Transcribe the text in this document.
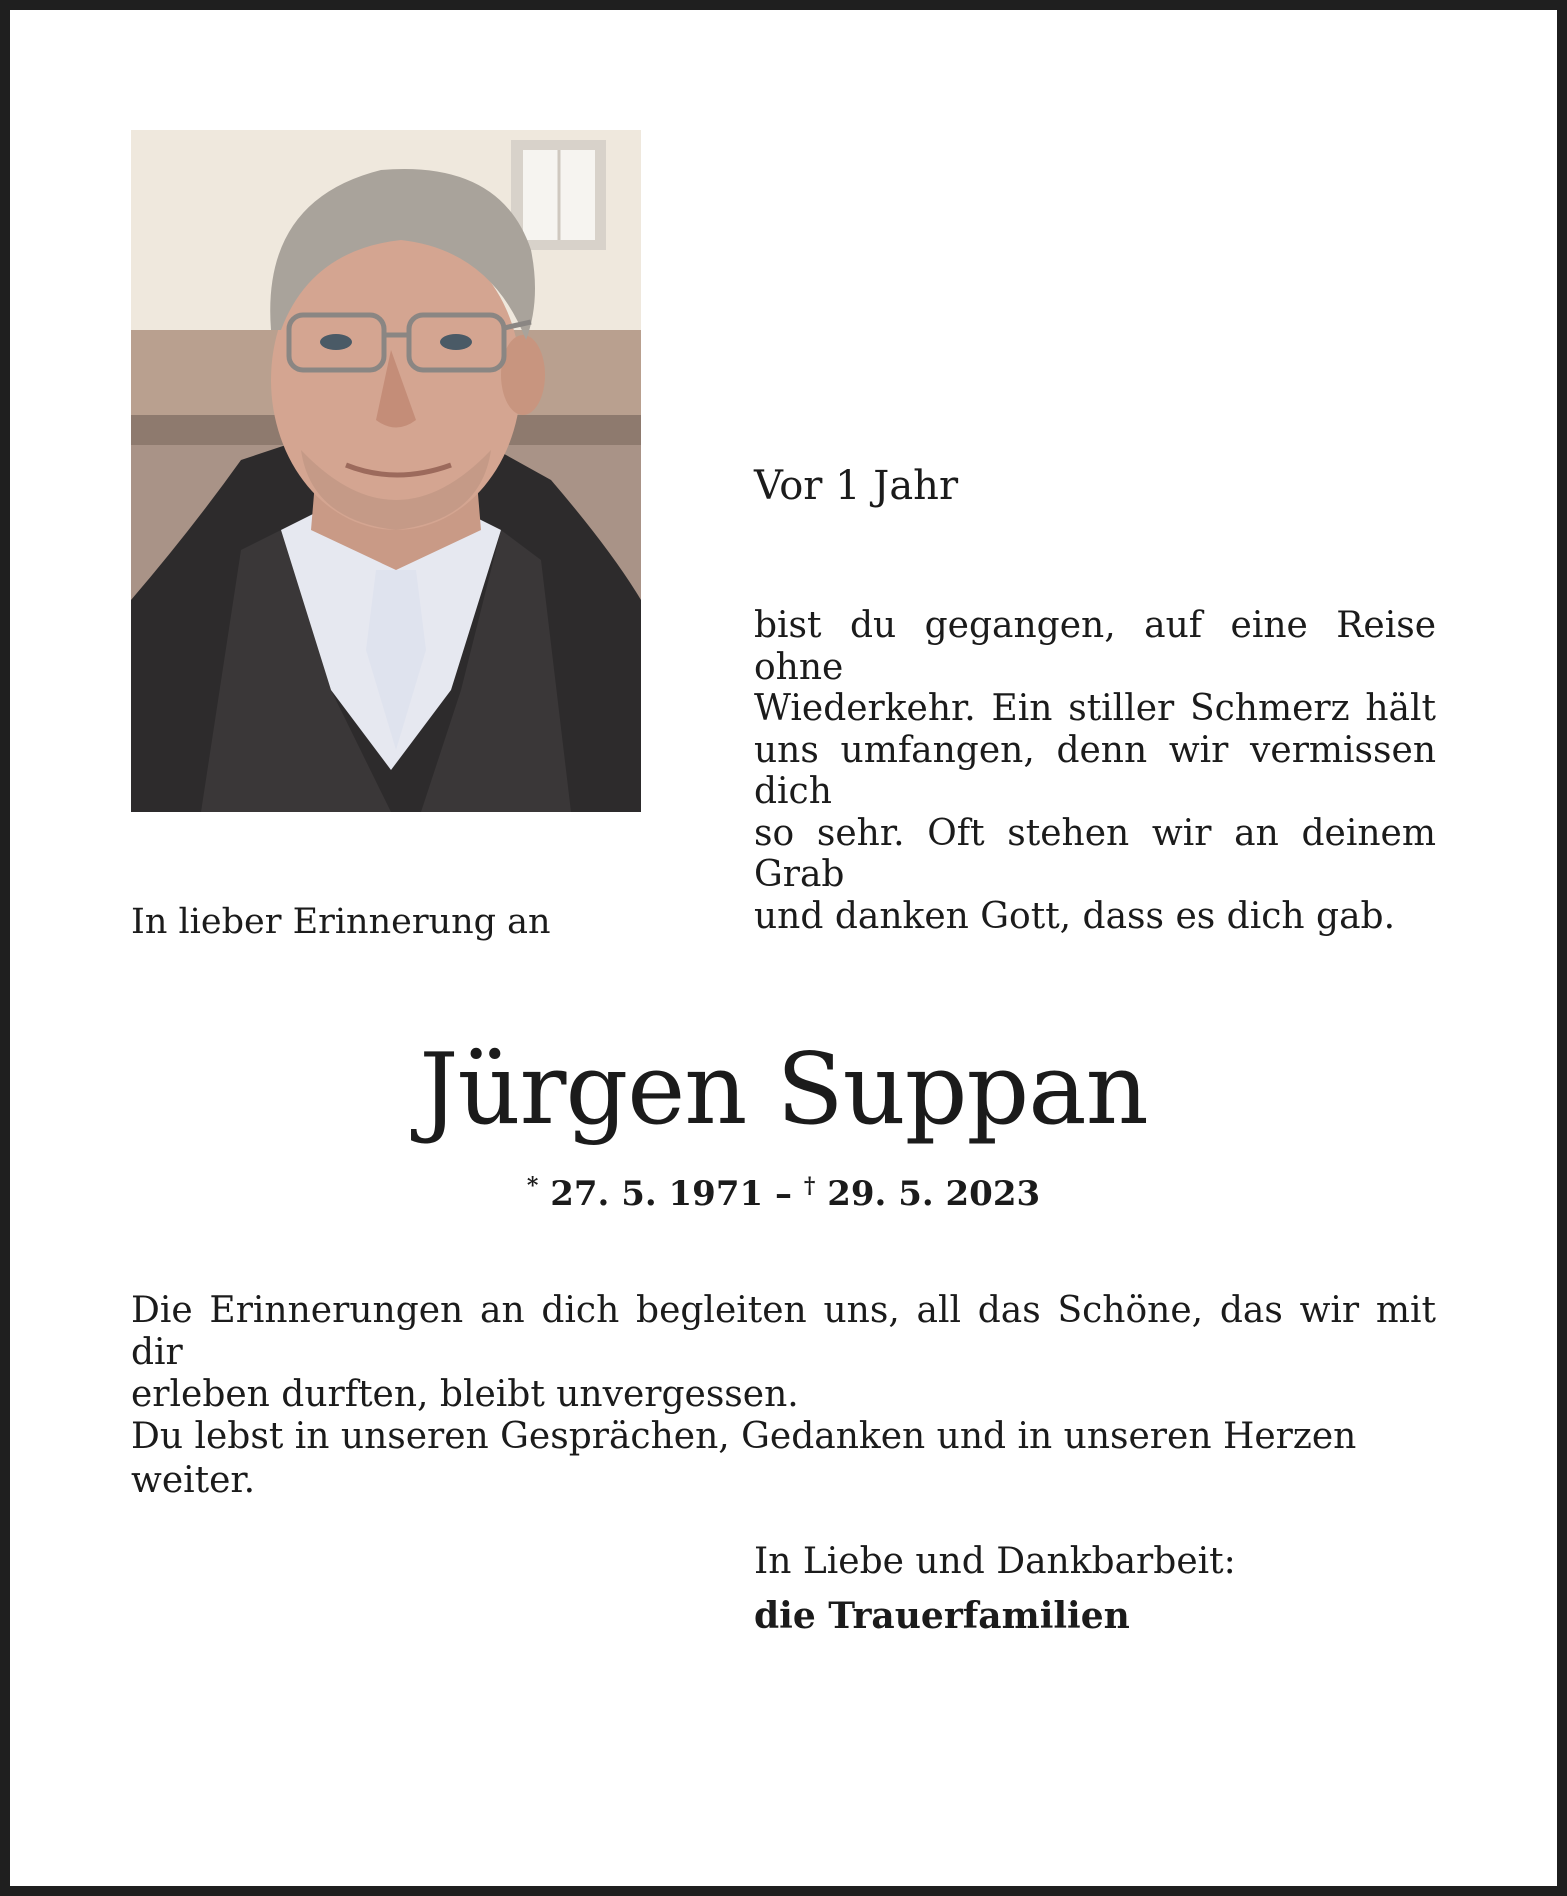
Vor 1 Jahr

bist du gegangen, auf eine Reise ohne
Wiederkehr. Ein stiller Schmerz hält
uns umfangen, denn wir vermissen dich
so sehr. Oft stehen wir an deinem Grab
und danken Gott, dass es dich gab.

In lieber Erinnerung an

Jürgen Suppan

* 27. 5. 1971 – † 29. 5. 2023

Die Erinnerungen an dich begleiten uns, all das Schöne, das wir mit dir
erleben durften, bleibt unvergessen.

Du lebst in unseren Gesprächen, Gedanken und in unseren Herzen weiter.

In Liebe und Dankbarbeit:

die Trauerfamilien
